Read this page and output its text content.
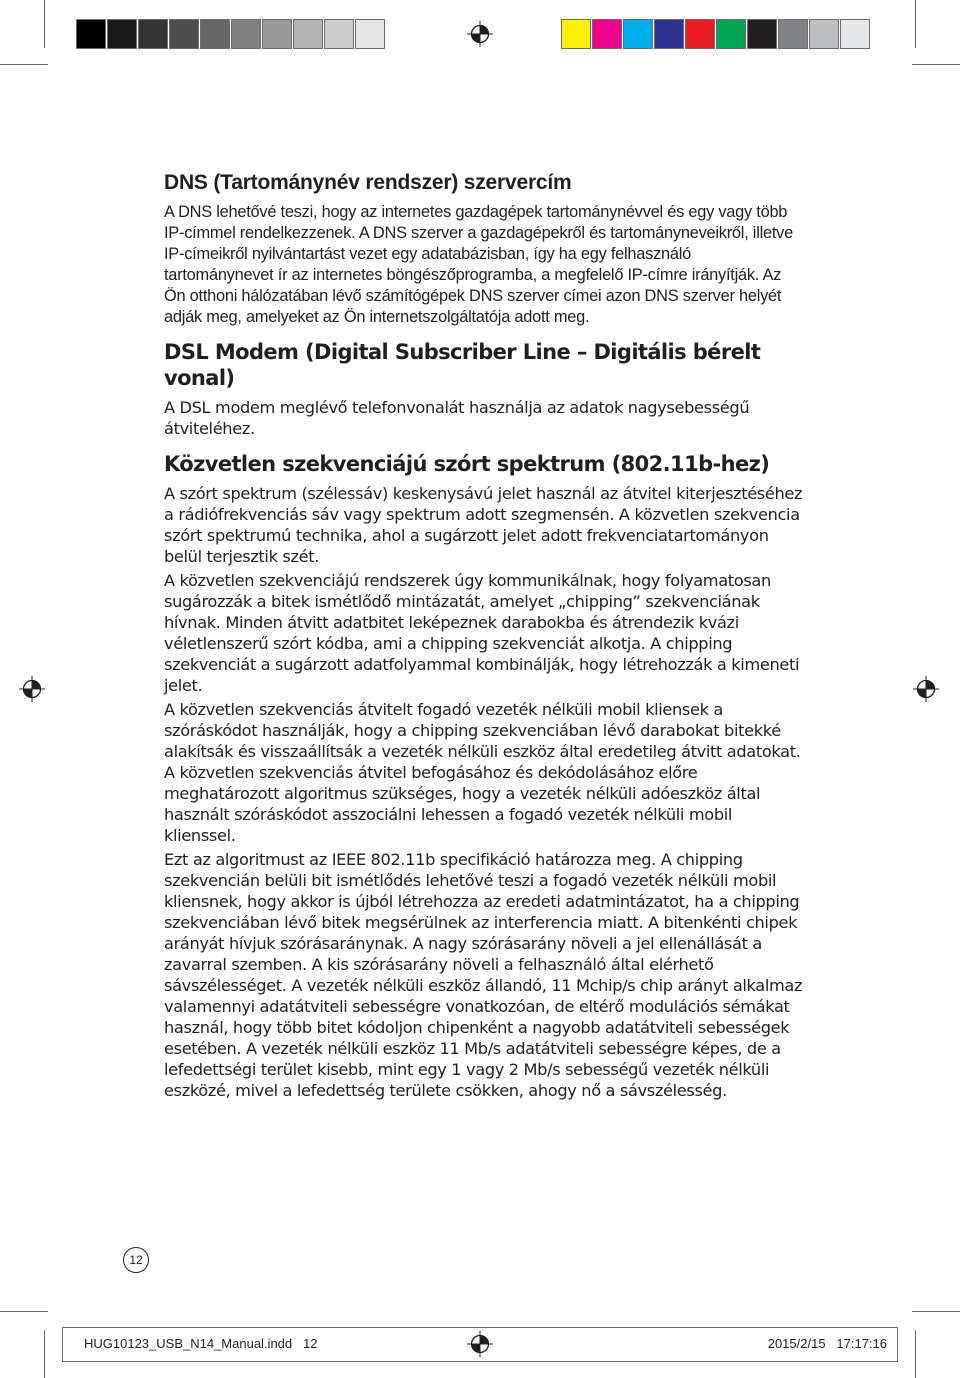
DNS (Tartománynév rendszer) szervercím

A DNS lehetővé teszi, hogy az internetes gazdagépek tartománynévvel és egy vagy több IP-címmel rendelkezzenek. A DNS szerver a gazdagépekről és tartományneveikről, illetve IP-címeikről nyilvántartást vezet egy adatabázisban, így ha egy felhasználó tartománynevet ír az internetes böngészőprogramba, a megfelelő IP-címre irányítják. Az Ön otthoni hálózatában lévő számítógépek DNS szerver címei azon DNS szerver helyét adják meg, amelyeket az Ön internetszolgáltatója adott meg.

DSL Modem (Digital Subscriber Line – Digitális bérelt vonal)

A DSL modem meglévő telefonvonalát használja az adatok nagysebességű átviteléhez.

Közvetlen szekvenciájú szórt spektrum (802.11b-hez)

A szórt spektrum (szélessáv) keskenysávú jelet használ az átvitel kiterjesztéséhez a rádiófrekvenciás sáv vagy spektrum adott szegmensén. A közvetlen szekvencia szórt spektrumú technika, ahol a sugárzott jelet adott frekvenciatartományon belül terjesztik szét.

A közvetlen szekvenciájú rendszerek úgy kommunikálnak, hogy folyamatosan sugározzák a bitek ismétlődő mintázatát, amelyet „chipping” szekvenciának hívnak. Minden átvitt adatbitet leképeznek darabokba és átrendezik kvázi véletlenszerű szórt kódba, ami a chipping szekvenciát alkotja. A chipping szekvenciát a sugárzott adatfolyammal kombinálják, hogy létrehozzák a kimeneti jelet.

A közvetlen szekvenciás átvitelt fogadó vezeték nélküli mobil kliensek a szóráskódot használják, hogy a chipping szekvenciában lévő darabokat bitekké alakítsák és visszaállítsák a vezeték nélküli eszköz által eredetileg átvitt adatokat. A közvetlen szekvenciás átvitel befogásához és dekódolásához előre meghatározott algoritmus szükséges, hogy a vezeték nélküli adóeszköz által használt szóráskódot asszociálni lehessen a fogadó vezeték nélküli mobil klienssel.

Ezt az algoritmust az IEEE 802.11b specifikáció határozza meg. A chipping szekvencián belüli bit ismétlődés lehetővé teszi a fogadó vezeték nélküli mobil kliensnek, hogy akkor is újból létrehozza az eredeti adatmintázatot, ha a chipping szekvenciában lévő bitek megsérülnek az interferencia miatt. A bitenkénti chipek arányát hívjuk szórásaránynak. A nagy szórásarány növeli a jel ellenállását a zavarral szemben. A kis szórásarány növeli a felhasználó által elérhető sávszélességet. A vezeték nélküli eszköz állandó, 11 Mchip/s chip arányt alkalmaz valamennyi adatátviteli sebességre vonatkozóan, de eltérő modulációs sémákat használ, hogy több bitet kódoljon chipenként a nagyobb adatátviteli sebességek esetében. A vezeték nélküli eszköz 11 Mb/s adatátviteli sebességre képes, de a lefedettségi terület kisebb, mint egy 1 vagy 2 Mb/s sebességű vezeték nélküli eszközé, mivel a lefedettség területe csökken, ahogy nő a sávszélesség.

12
HUG10123_USB_N14_Manual.indd   12	2015/2/15   17:17:16
